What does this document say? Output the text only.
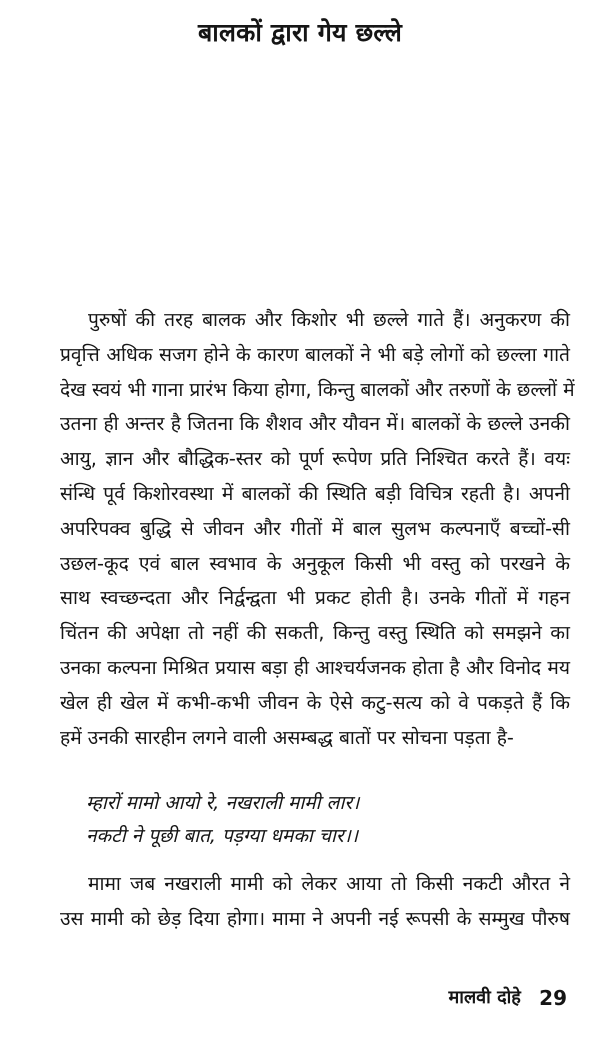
बालकों द्वारा गेय छल्ले
पुरुषों की तरह बालक और किशोर भी छल्ले गाते हैं। अनुकरण की
प्रवृत्ति अधिक सजग होने के कारण बालकों ने भी बड़े लोगों को छल्ला गाते
देख स्वयं भी गाना प्रारंभ किया होगा, किन्तु बालकों और तरुणों के छल्लों में
उतना ही अन्तर है जितना कि शैशव और यौवन में। बालकों के छल्ले उनकी
आयु, ज्ञान और बौद्धिक-स्तर को पूर्ण रूपेण प्रति निश्चित करते हैं। वयः
संन्धि पूर्व किशोरवस्था में बालकों की स्थिति बड़ी विचित्र रहती है। अपनी
अपरिपक्व बुद्धि से जीवन और गीतों में बाल सुलभ कल्पनाएँ बच्चों-सी
उछल-कूद एवं बाल स्वभाव के अनुकूल किसी भी वस्तु को परखने के
साथ स्वच्छन्दता और निर्द्वन्द्वता भी प्रकट होती है। उनके गीतों में गहन
चिंतन की अपेक्षा तो नहीं की सकती, किन्तु वस्तु स्थिति को समझने का
उनका कल्पना मिश्रित प्रयास बड़ा ही आश्चर्यजनक होता है और विनोद मय
खेल ही खेल में कभी-कभी जीवन के ऐसे कटु-सत्य को वे पकड़ते हैं कि
हमें उनकी सारहीन लगने वाली असम्बद्ध बातों पर सोचना पड़ता है-
म्हारों मामो आयो रे, नखराली मामी लार।
नकटी ने पूछी बात, पड़ग्या धमका चार।।
मामा जब नखराली मामी को लेकर आया तो किसी नकटी औरत ने
उस मामी को छेड़ दिया होगा। मामा ने अपनी नई रूपसी के सम्मुख पौरुष
मालवी दोहे 29
